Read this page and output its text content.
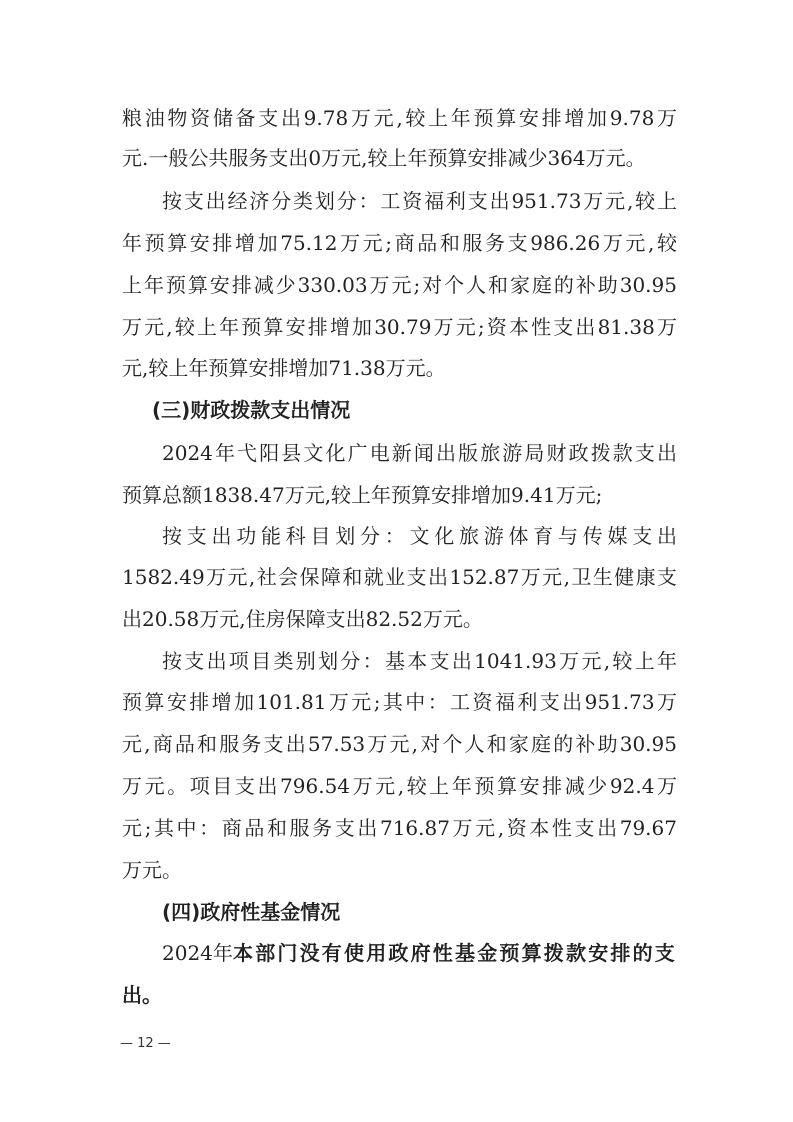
粮油物资储备支出9.78万元,较上年预算安排增加9.78万
元.一般公共服务支出0万元,较上年预算安排减少364万元。
按支出经济分类划分：工资福利支出951.73万元,较上
年预算安排增加75.12万元;商品和服务支986.26万元,较
上年预算安排减少330.03万元;对个人和家庭的补助30.95
万元,较上年预算安排增加30.79万元;资本性支出81.38万
元,较上年预算安排增加71.38万元。
(三)财政拨款支出情况
2024年弋阳县文化广电新闻出版旅游局财政拨款支出
预算总额1838.47万元,较上年预算安排增加9.41万元;
按支出功能科目划分：文化旅游体育与传媒支出
1582.49万元,社会保障和就业支出152.87万元,卫生健康支
出20.58万元,住房保障支出82.52万元。
按支出项目类别划分：基本支出1041.93万元,较上年
预算安排增加101.81万元;其中：工资福利支出951.73万
元,商品和服务支出57.53万元,对个人和家庭的补助30.95
万元。项目支出796.54万元,较上年预算安排减少92.4万
元;其中：商品和服务支出716.87万元,资本性支出79.67
万元。
(四)政府性基金情况
2024年 本部门没有使用政府性基金预算拨款安排的支
出。
— 12 —
